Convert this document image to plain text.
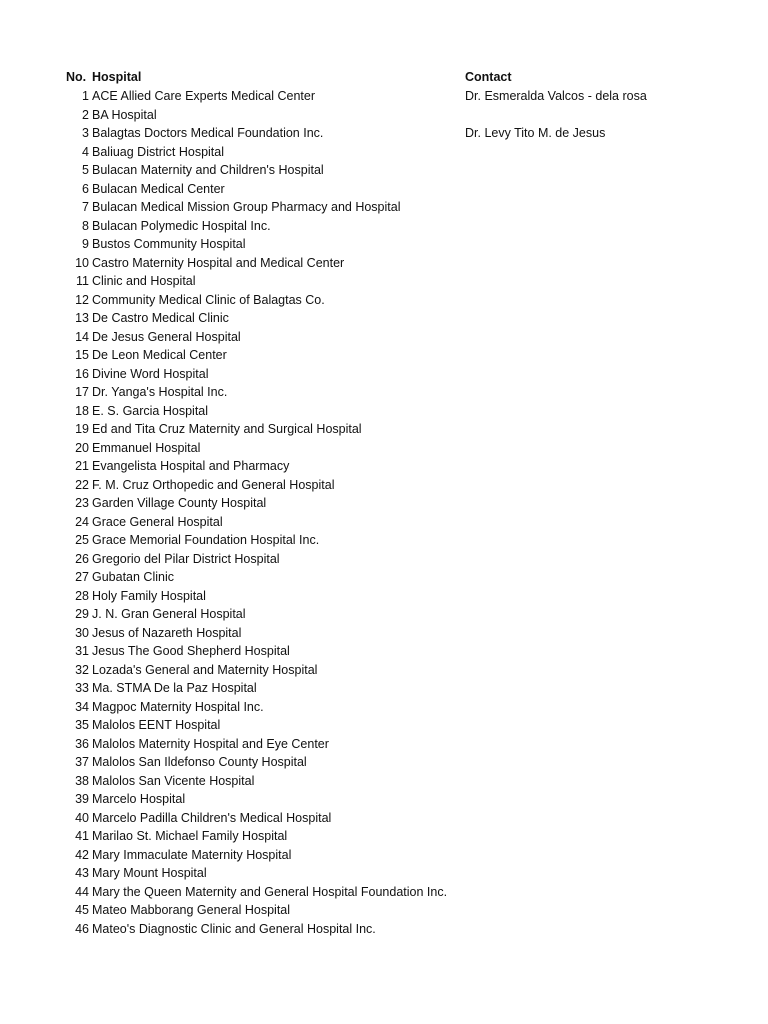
No. Hospital	Contact
1 ACE Allied Care Experts Medical Center	Dr. Esmeralda Valcos - dela rosa
2 BA Hospital
3 Balagtas Doctors Medical Foundation Inc.	Dr. Levy Tito M. de Jesus
4 Baliuag District Hospital
5 Bulacan Maternity and Children's Hospital
6 Bulacan Medical Center
7 Bulacan Medical Mission Group Pharmacy and Hospital
8 Bulacan Polymedic Hospital Inc.
9 Bustos Community Hospital
10 Castro Maternity Hospital and Medical Center
11 Clinic and Hospital
12 Community Medical Clinic of Balagtas Co.
13 De Castro Medical Clinic
14 De Jesus General Hospital
15 De Leon Medical Center
16 Divine Word Hospital
17 Dr. Yanga's Hospital Inc.
18 E. S. Garcia Hospital
19 Ed and Tita Cruz Maternity and Surgical Hospital
20 Emmanuel Hospital
21 Evangelista Hospital and Pharmacy
22 F. M. Cruz Orthopedic and General Hospital
23 Garden Village County Hospital
24 Grace General Hospital
25 Grace Memorial Foundation Hospital Inc.
26 Gregorio del Pilar District Hospital
27 Gubatan Clinic
28 Holy Family Hospital
29 J. N. Gran General Hospital
30 Jesus of Nazareth Hospital
31 Jesus The Good Shepherd Hospital
32 Lozada's General and Maternity Hospital
33 Ma. STMA De la Paz Hospital
34 Magpoc Maternity Hospital Inc.
35 Malolos EENT Hospital
36 Malolos Maternity Hospital and Eye Center
37 Malolos San Ildefonso County Hospital
38 Malolos San Vicente Hospital
39 Marcelo Hospital
40 Marcelo Padilla Children's Medical Hospital
41 Marilao St. Michael Family Hospital
42 Mary Immaculate Maternity Hospital
43 Mary Mount Hospital
44 Mary the Queen Maternity and General Hospital Foundation Inc.
45 Mateo Mabborang General Hospital
46 Mateo's Diagnostic Clinic and General Hospital Inc.
